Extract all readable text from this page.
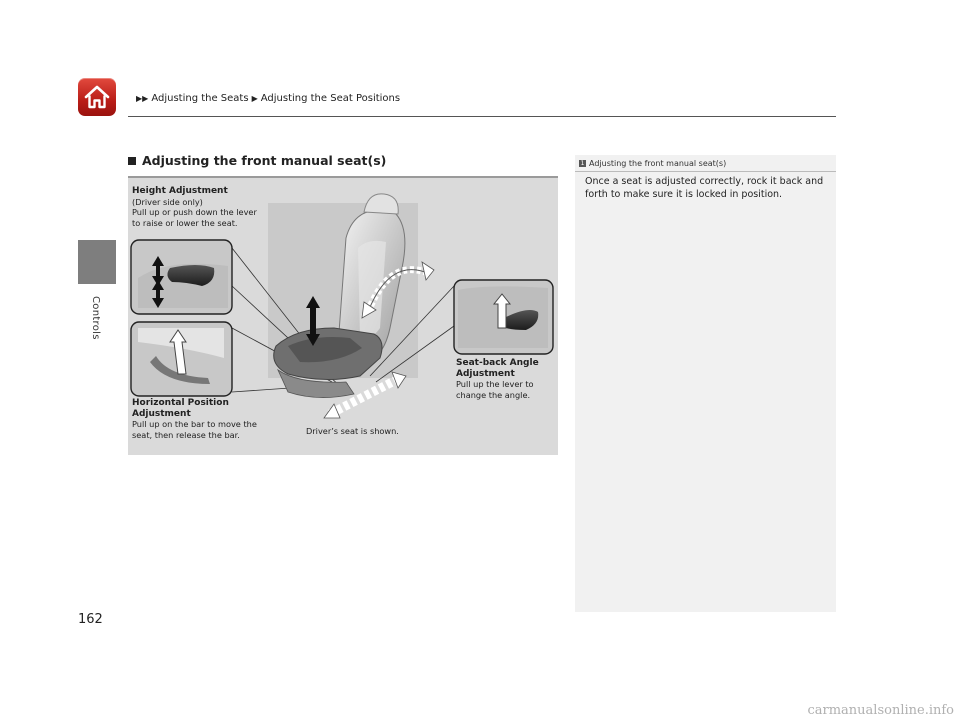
▶▶ Adjusting the Seats ▶ Adjusting the Seat Positions
Controls
Adjusting the front manual seat(s)
Height Adjustment
(Driver side only)
Pull up or push down the lever
to raise or lower the seat.
Horizontal Position
Adjustment
Pull up on the bar to move the
seat, then release the bar.
Seat-back Angle
Adjustment
Pull up the lever to
change the angle.
Driver’s seat is shown.
1 Adjusting the front manual seat(s)
Once a seat is adjusted correctly, rock it back and forth to make sure it is locked in position.
162
carmanualsonline.info
